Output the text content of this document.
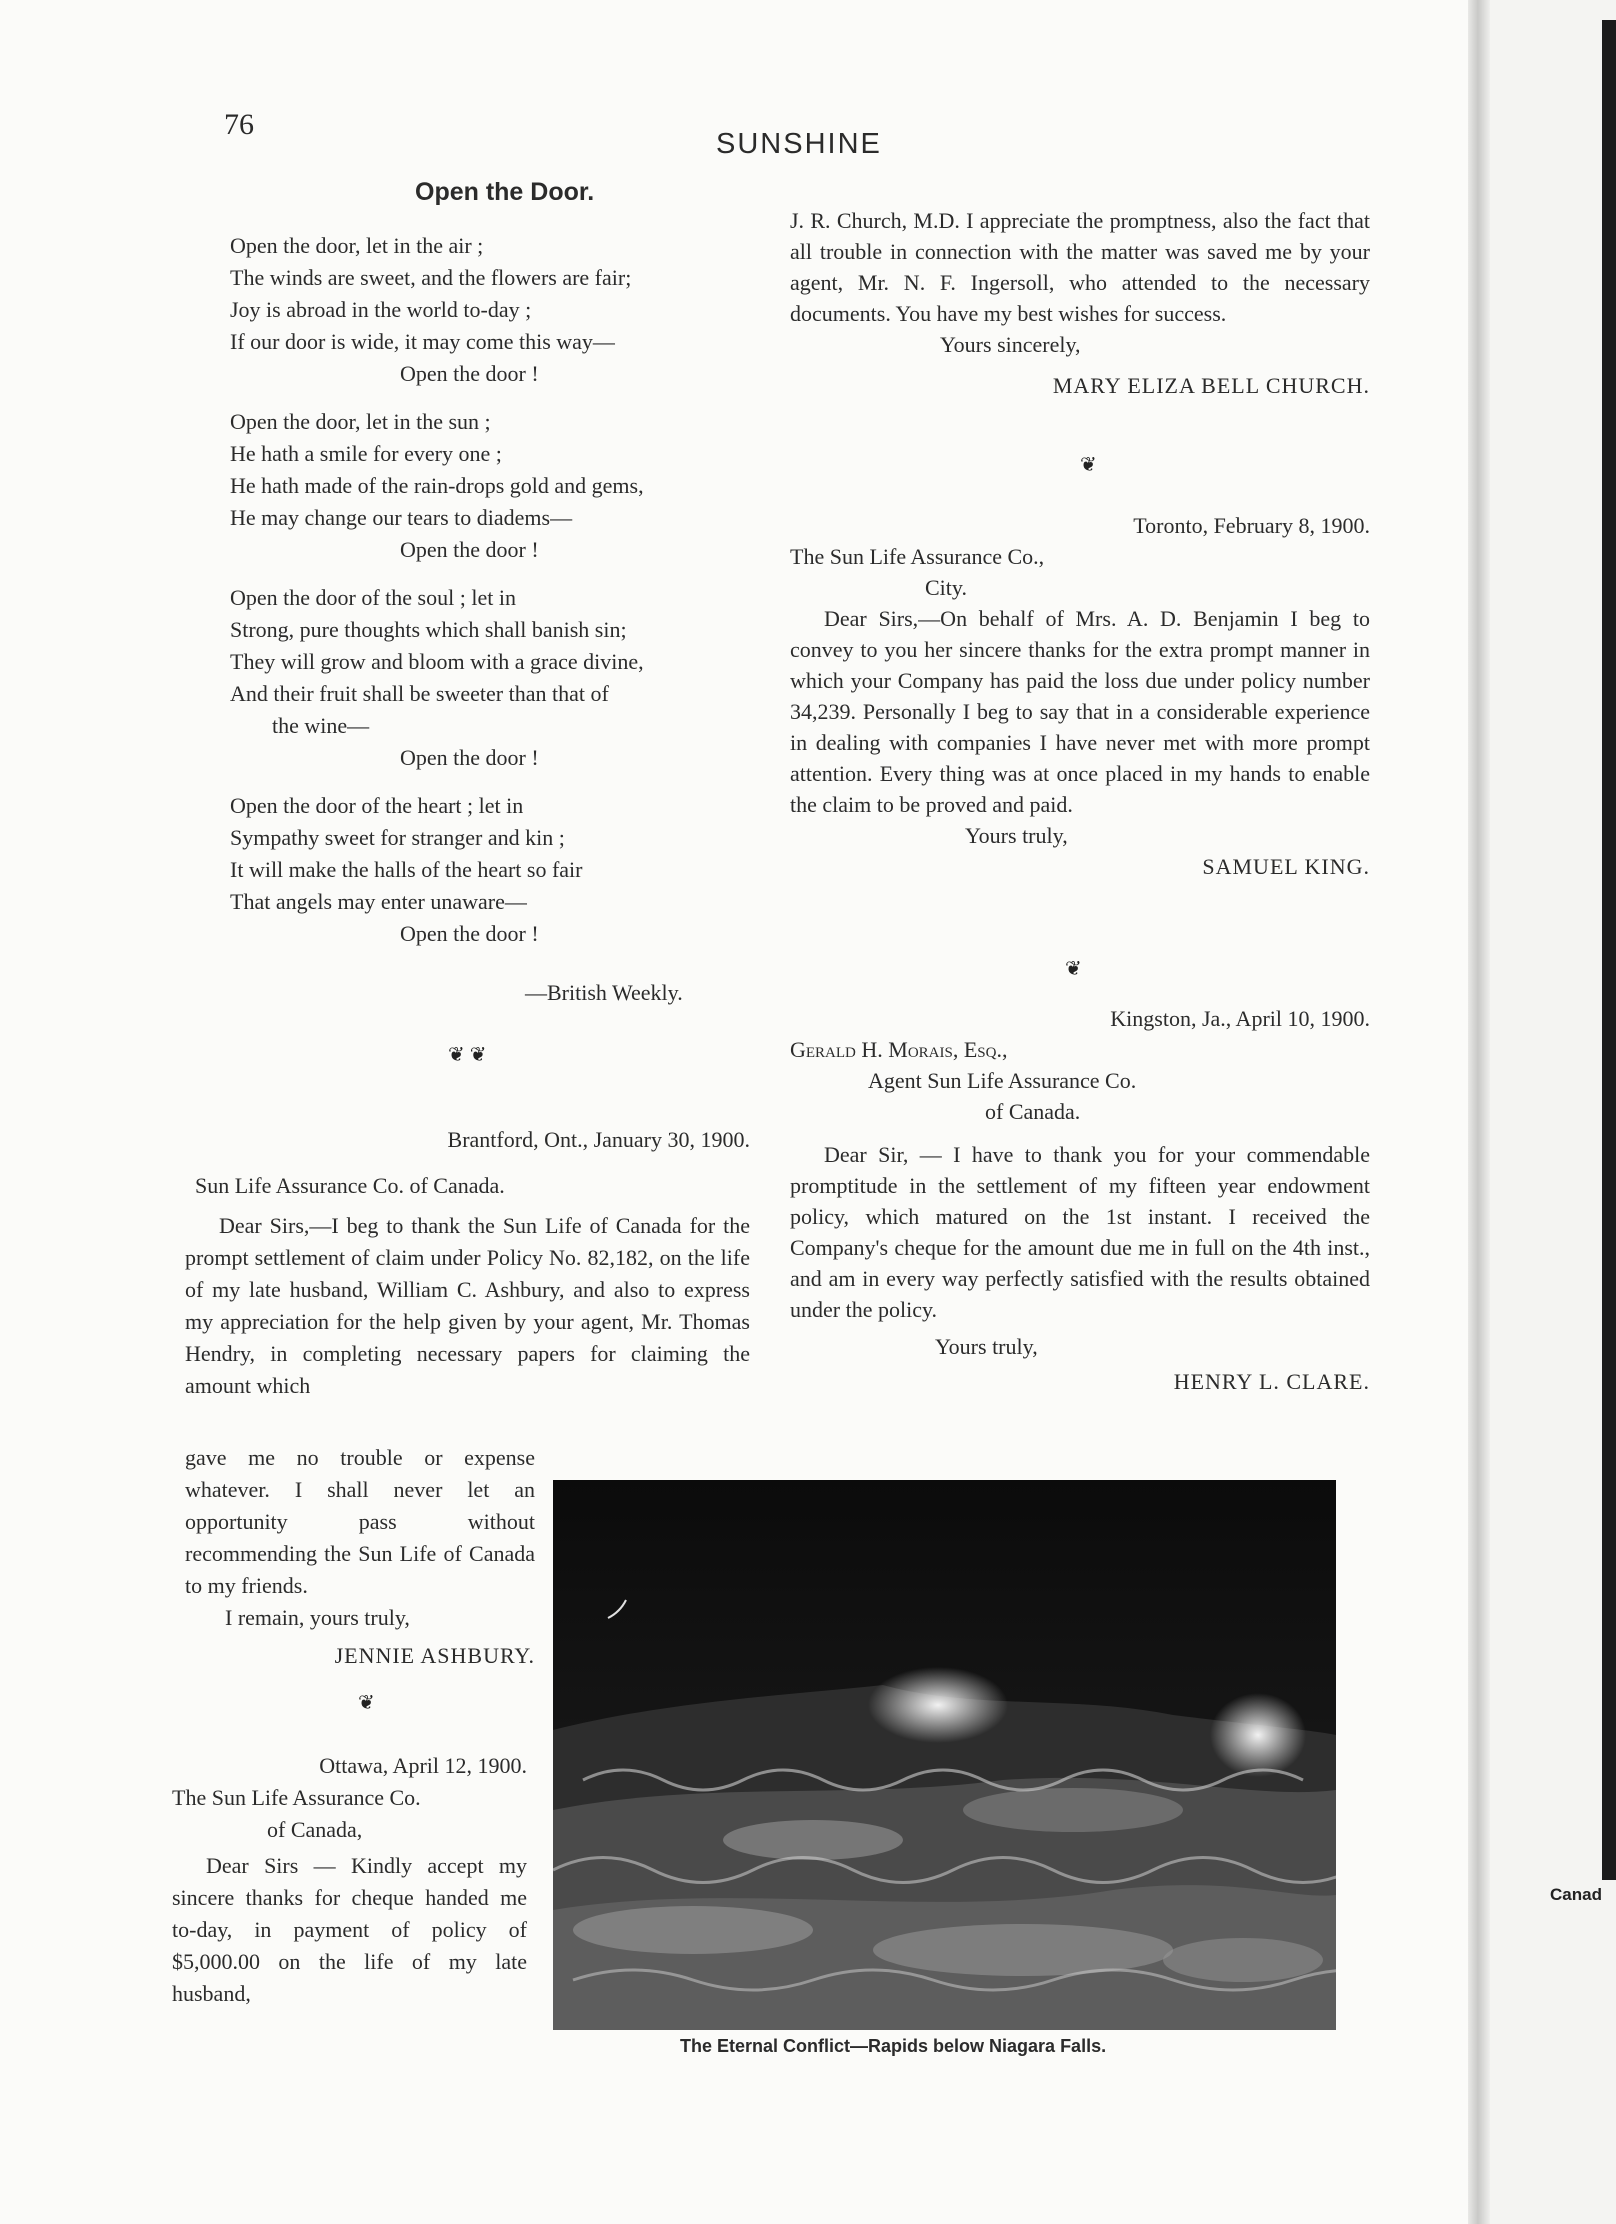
76
SUNSHINE
Open the Door.
Open the door, let in the air ;
The winds are sweet, and the flowers are fair;
Joy is abroad in the world to-day ;
If our door is wide, it may come this way—
Open the door !
Open the door, let in the sun ;
He hath a smile for every one ;
He hath made of the rain-drops gold and gems,
He may change our tears to diadems—
Open the door !
Open the door of the soul ; let in
Strong, pure thoughts which shall banish sin;
They will grow and bloom with a grace divine,
And their fruit shall be sweeter than that of
the wine—
Open the door !
Open the door of the heart ; let in
Sympathy sweet for stranger and kin ;
It will make the halls of the heart so fair
That angels may enter unaware—
Open the door !
—British Weekly.
❦ ❦
J. R. Church, M.D. I appreciate the promptness, also the fact that all trouble in connection with the matter was saved me by your agent, Mr. N. F. Ingersoll, who attended to the necessary documents. You have my best wishes for success.
Yours sincerely,
MARY ELIZA BELL CHURCH.
❦
Toronto, February 8, 1900.
The Sun Life Assurance Co.,
City.
Dear Sirs,—On behalf of Mrs. A. D. Benjamin I beg to convey to you her sincere thanks for the extra prompt manner in which your Company has paid the loss due under policy number 34,239. Personally I beg to say that in a considerable experience in dealing with companies I have never met with more prompt attention. Every thing was at once placed in my hands to enable the claim to be proved and paid.
Yours truly,
SAMUEL KING.
❦
Kingston, Ja., April 10, 1900.
Gerald H. Morais, Esq.,
Agent Sun Life Assurance Co.
of Canada.
Dear Sir, — I have to thank you for your commendable promptitude in the settlement of my fifteen year endowment policy, which matured on the 1st instant. I received the Company's cheque for the amount due me in full on the 4th inst., and am in every way perfectly satisfied with the results obtained under the policy.
Yours truly,
HENRY L. CLARE.
Brantford, Ont., January 30, 1900.
Sun Life Assurance Co. of Canada.
Dear Sirs,—I beg to thank the Sun Life of Canada for the prompt settlement of claim under Policy No. 82,182, on the life of my late husband, William C. Ashbury, and also to express my appreciation for the help given by your agent, Mr. Thomas Hendry, in completing necessary papers for claiming the amount which
gave me no trouble or expense whatever. I shall never let an opportunity pass without recommending the Sun Life of Canada to my friends.
I remain, yours truly,
JENNIE ASHBURY.
❦
Ottawa, April 12, 1900.
The Sun Life Assurance Co.
of Canada,
Dear Sirs — Kindly accept my sincere thanks for cheque handed me to-day, in payment of policy of $5,000.00 on the life of my late husband,
The Eternal Conflict—Rapids below Niagara Falls.
Canad
